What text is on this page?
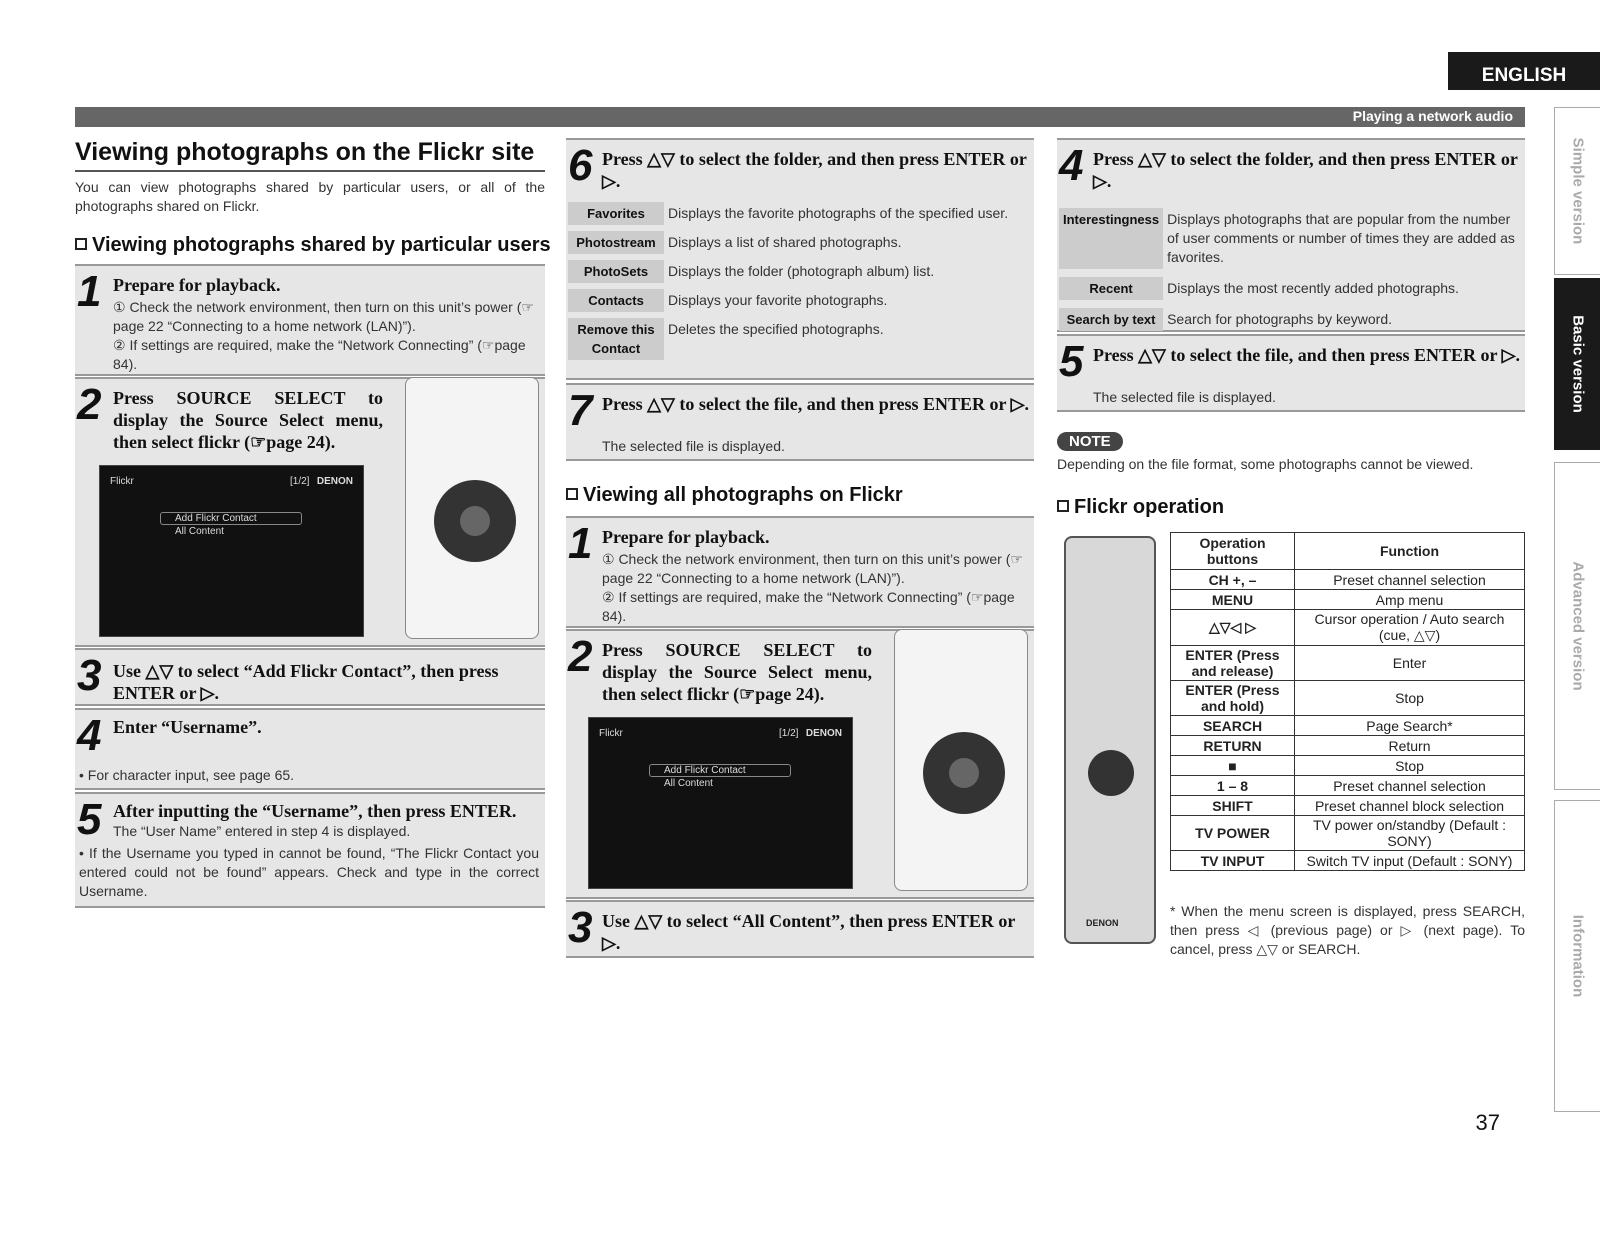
ENGLISH
Playing a network audio
Simple version
Basic version
Advanced version
Information
Viewing photographs on the Flickr site

You can view photographs shared by particular users, or all of the photographs shared on Flickr.

Viewing photographs shared by particular users
1 Prepare for playback.
① Check the network environment, then turn on this unit’s power (☞page 22 “Connecting to a home network (LAN)”).
② If settings are required, make the “Network Connecting” (☞page 84).
2 Press SOURCE SELECT to display the Source Select menu, then select flickr (☞page 24).
Flickr	[1/2] DENON
Add Flickr Contact
All Content
3 Use △▽ to select “Add Flickr Contact”, then press ENTER or ▷.
4 Enter “Username”.
• For character input, see page 65.
5 After inputting the “Username”, then press ENTER.
The “User Name” entered in step 4 is displayed.
• If the Username you typed in cannot be found, “The Flickr Contact you entered could not be found” appears. Check and type in the correct Username.
6 Press △▽ to select the folder, and then press ENTER or ▷.
Favorites	Displays the favorite photographs of the specified user.
Photostream	Displays a list of shared photographs.
PhotoSets	Displays the folder (photograph album) list.
Contacts	Displays your favorite photographs.
Remove this Contact	Deletes the specified photographs.
7 Press △▽ to select the file, and then press ENTER or ▷.
The selected file is displayed.
Viewing all photographs on Flickr
1 Prepare for playback.
① Check the network environment, then turn on this unit’s power (☞page 22 “Connecting to a home network (LAN)”).
② If settings are required, make the “Network Connecting” (☞page 84).
2 Press SOURCE SELECT to display the Source Select menu, then select flickr (☞page 24).
Flickr	[1/2] DENON
Add Flickr Contact
All Content
3 Use △▽ to select “All Content”, then press ENTER or ▷.
4 Press △▽ to select the folder, and then press ENTER or ▷.
Interestingness	Displays photographs that are popular from the number of user comments or number of times they are added as favorites.
Recent	Displays the most recently added photographs.
Search by text	Search for photographs by keyword.
5 Press △▽ to select the file, and then press ENTER or ▷.
The selected file is displayed.
NOTE
Depending on the file format, some photographs cannot be viewed.
Flickr operation
DENON
Operation buttons	Function
CH +, –	Preset channel selection
MENU	Amp menu
△▽◁ ▷	Cursor operation / Auto search (cue, △▽)
ENTER (Press and release)	Enter
ENTER (Press and hold)	Stop
SEARCH	Page Search*
RETURN	Return
■	Stop
1 – 8	Preset channel selection
SHIFT	Preset channel block selection
TV POWER	TV power on/standby (Default : SONY)
TV INPUT	Switch TV input (Default : SONY)
* When the menu screen is displayed, press SEARCH, then press ◁ (previous page) or ▷ (next page). To cancel, press △▽ or SEARCH.
37
